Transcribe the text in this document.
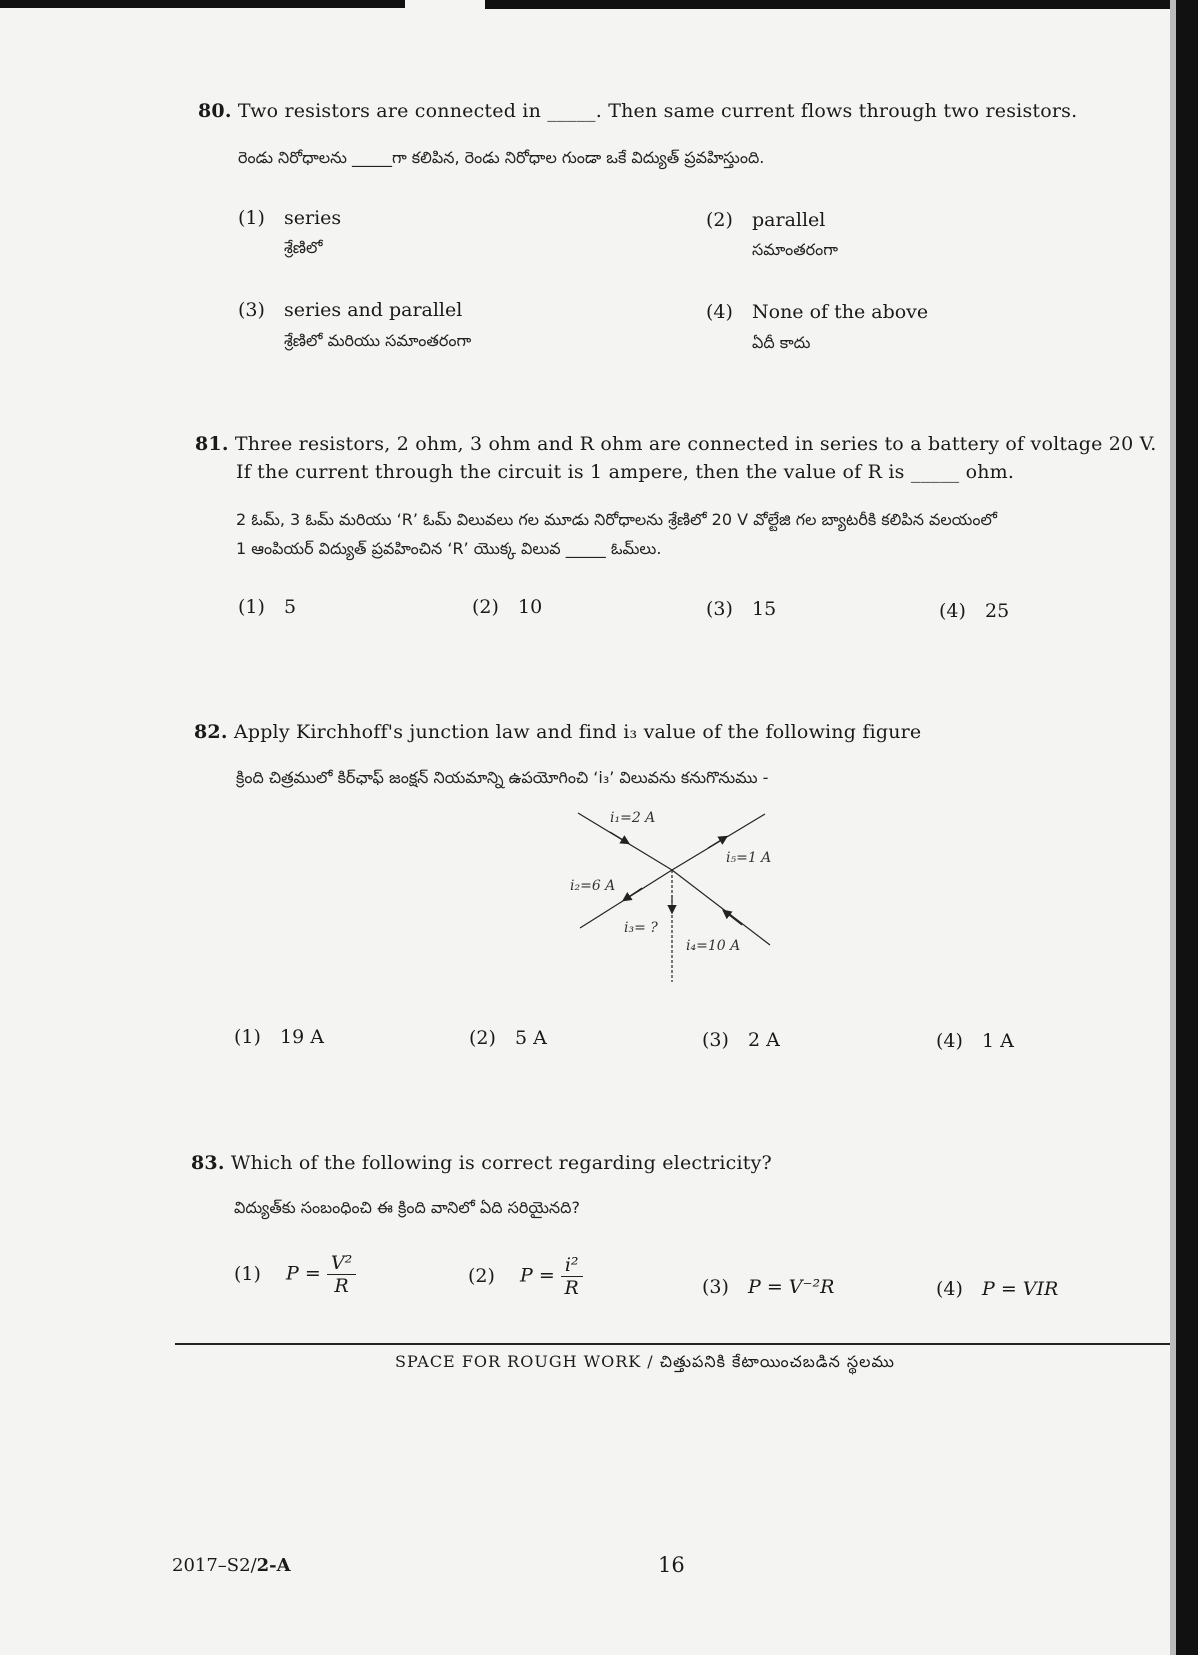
80. Two resistors are connected in _____. Then same current flows through two resistors.
రెండు నిరోధాలను _____గా కలిపిన, రెండు నిరోధాల గుండా ఒకే విద్యుత్ ప్రవహిస్తుంది.
(1) series
శ్రేణిలో
(2) parallel
సమాంతరంగా
(3) series and parallel
శ్రేణిలో మరియు సమాంతరంగా
(4) None of the above
ఏదీ కాదు
81. Three resistors, 2 ohm, 3 ohm and R ohm are connected in series to a battery of voltage 20 V.
If the current through the circuit is 1 ampere, then the value of R is _____ ohm.
2 ఓమ్, 3 ఓమ్ మరియు ‘R’ ఓమ్ విలువలు గల మూడు నిరోధాలను శ్రేణిలో 20 V వోల్టేజి గల బ్యాటరీకి కలిపిన వలయంలో
1 ఆంపియర్ విద్యుత్ ప్రవహించిన ‘R’ యొక్క విలువ _____ ఓమ్‌లు.
(1) 5	(2) 10	(3) 15	(4) 25
82. Apply Kirchhoff's junction law and find i₃ value of the following figure
క్రింది చిత్రములో కిర్‌ఛాఫ్ జంక్షన్ నియమాన్ని ఉపయోగించి ‘i₃’ విలువను కనుగొనుము -
i₁=2 A
i₅=1 A
i₂=6 A
i₃= ?
i₄=10 A
(1) 19 A	(2) 5 A	(3) 2 A	(4) 1 A
83. Which of the following is correct regarding electricity?
విద్యుత్‌కు సంబంధించి ఈ క్రింది వానిలో ఏది సరియైనది?
(1) $P = \frac{\text{V²}}{R}$	(2) $P = \frac{\text{i²}}{R}$	(3) P = V⁻²R	(4) P = VIR
SPACE FOR ROUGH WORK / చిత్తుపనికి కేటాయించబడిన స్థలము
2017–S2/2-A	16
